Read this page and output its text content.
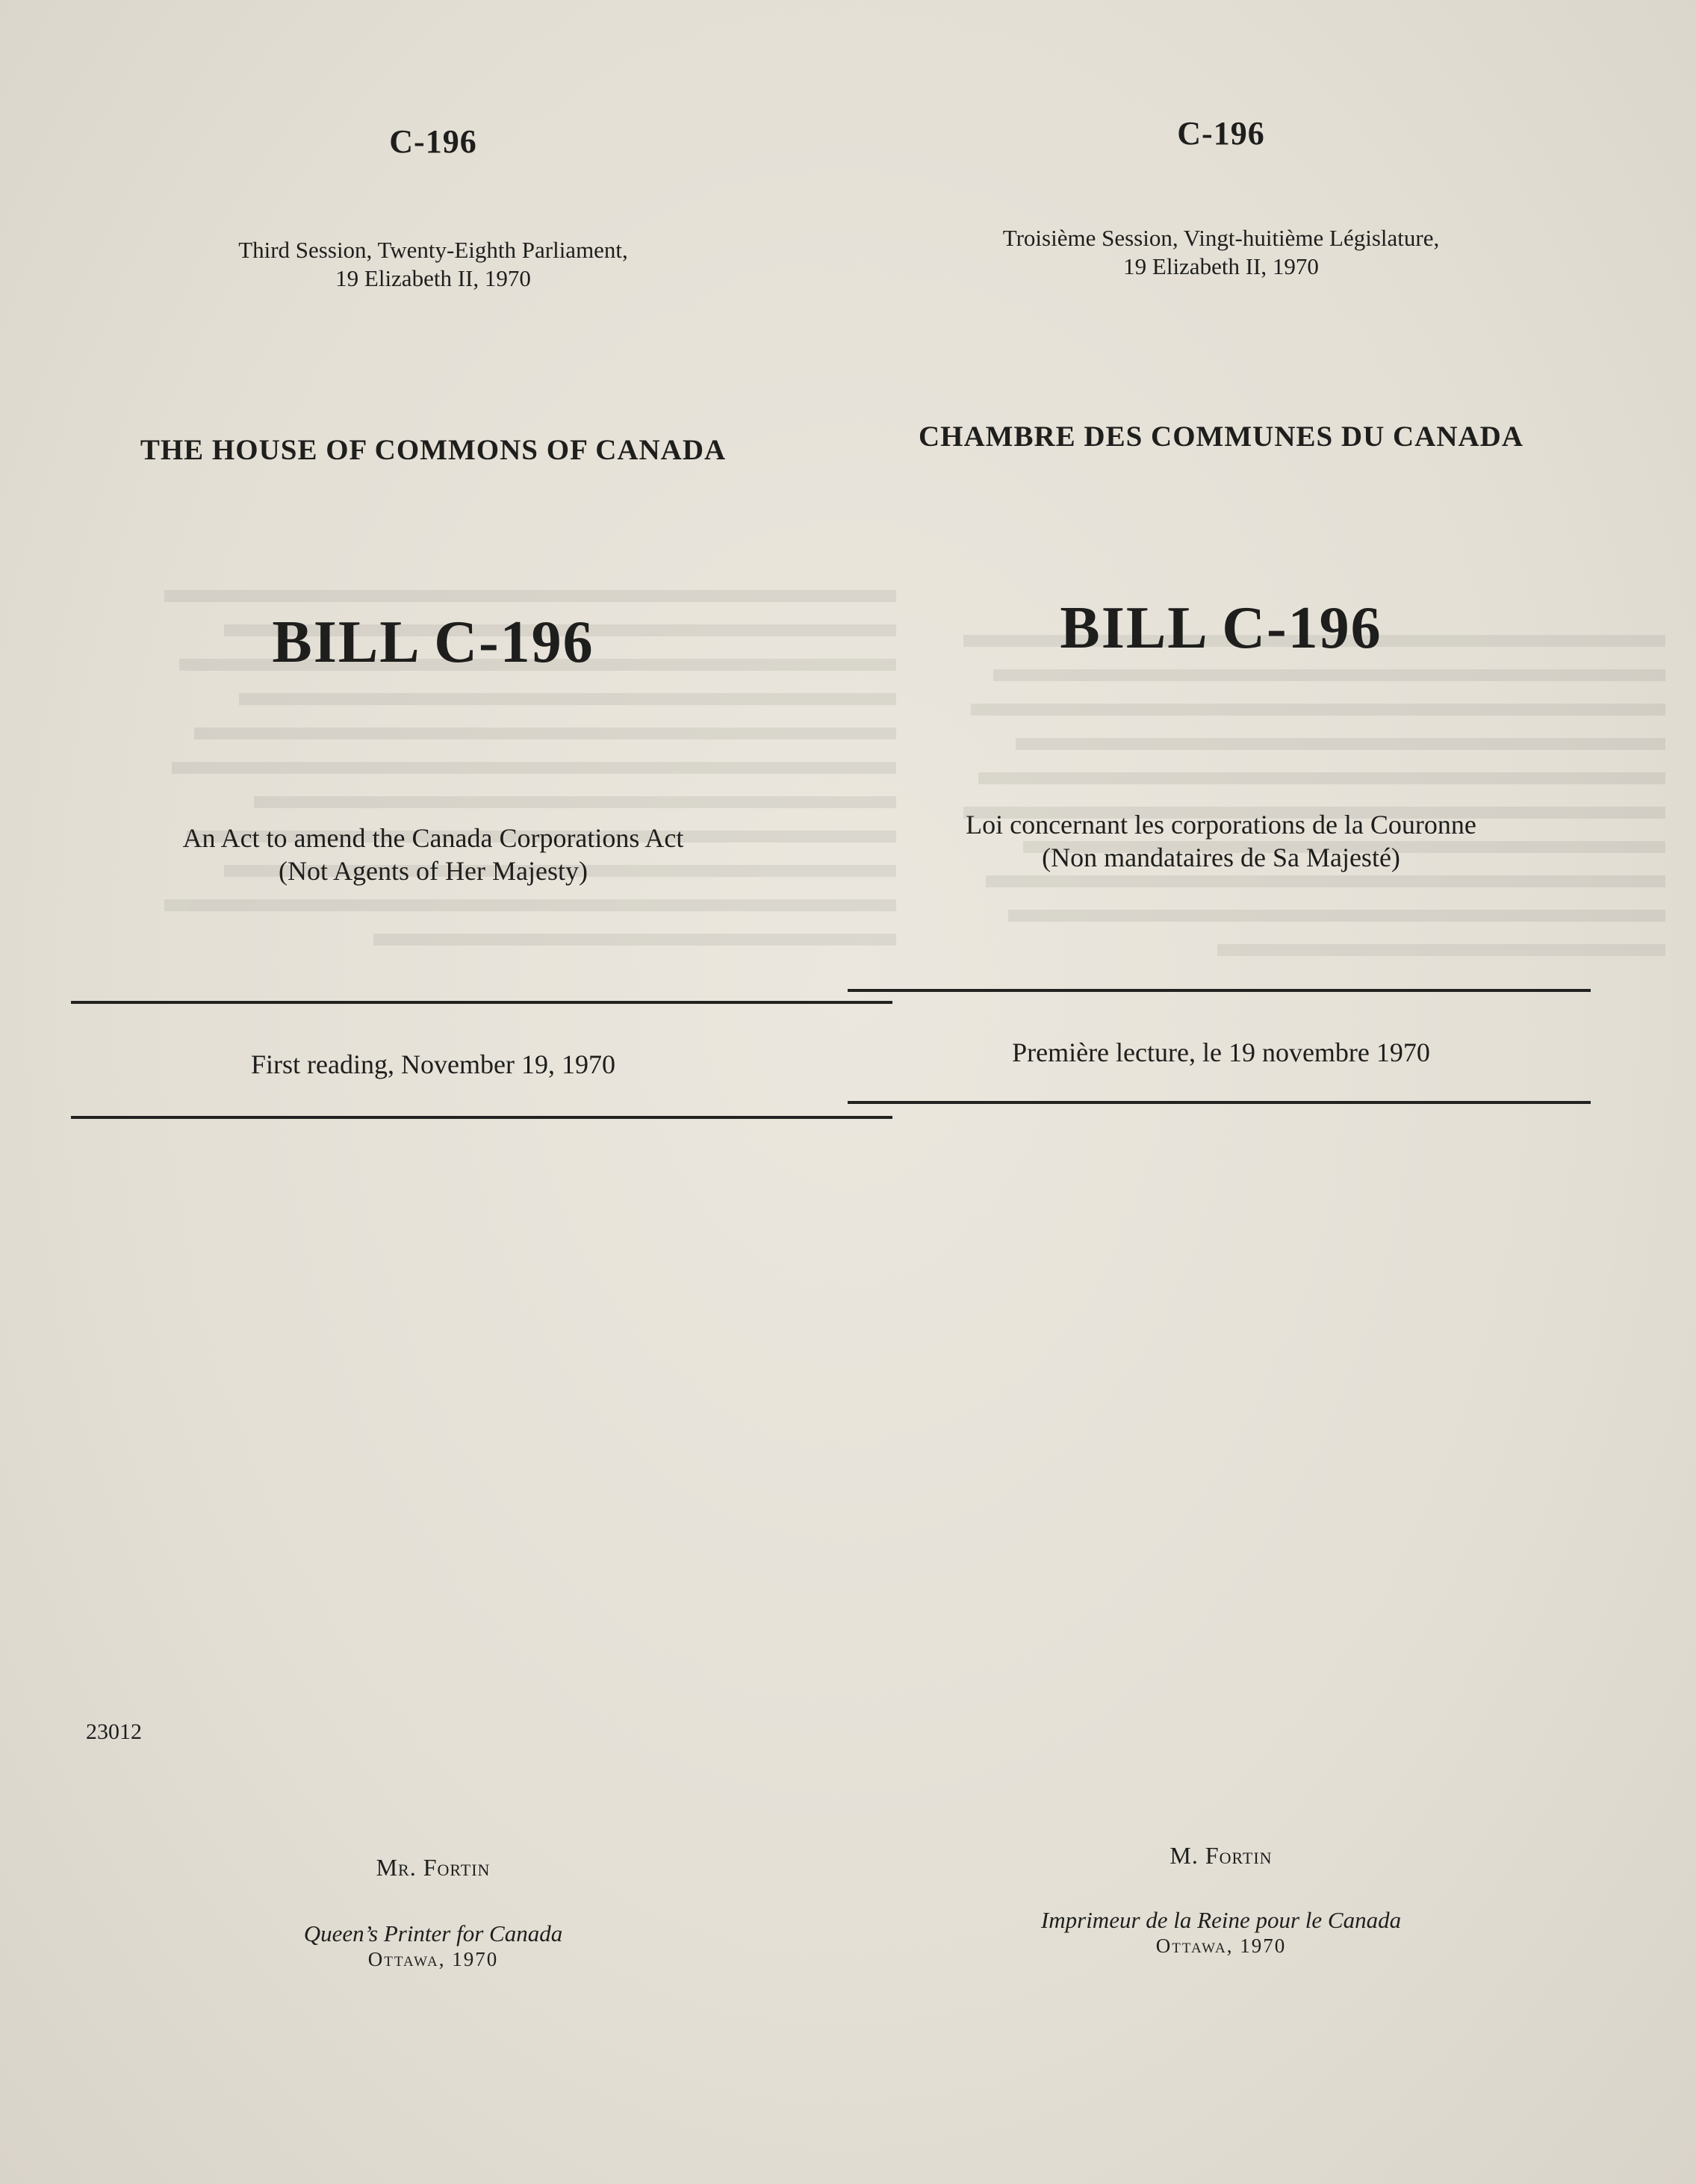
C-196
Third Session, Twenty-Eighth Parliament,
19 Elizabeth II, 1970
THE HOUSE OF COMMONS OF CANADA
BILL C-196
An Act to amend the Canada Corporations Act
(Not Agents of Her Majesty)
First reading, November 19, 1970
Mr. Fortin
Queen’s Printer for Canada
Ottawa, 1970
23012
C-196
Troisième Session, Vingt-huitième Législature,
19 Elizabeth II, 1970
CHAMBRE DES COMMUNES DU CANADA
BILL C-196
Loi concernant les corporations de la Couronne
(Non mandataires de Sa Majesté)
Première lecture, le 19 novembre 1970
M. Fortin
Imprimeur de la Reine pour le Canada
Ottawa, 1970
